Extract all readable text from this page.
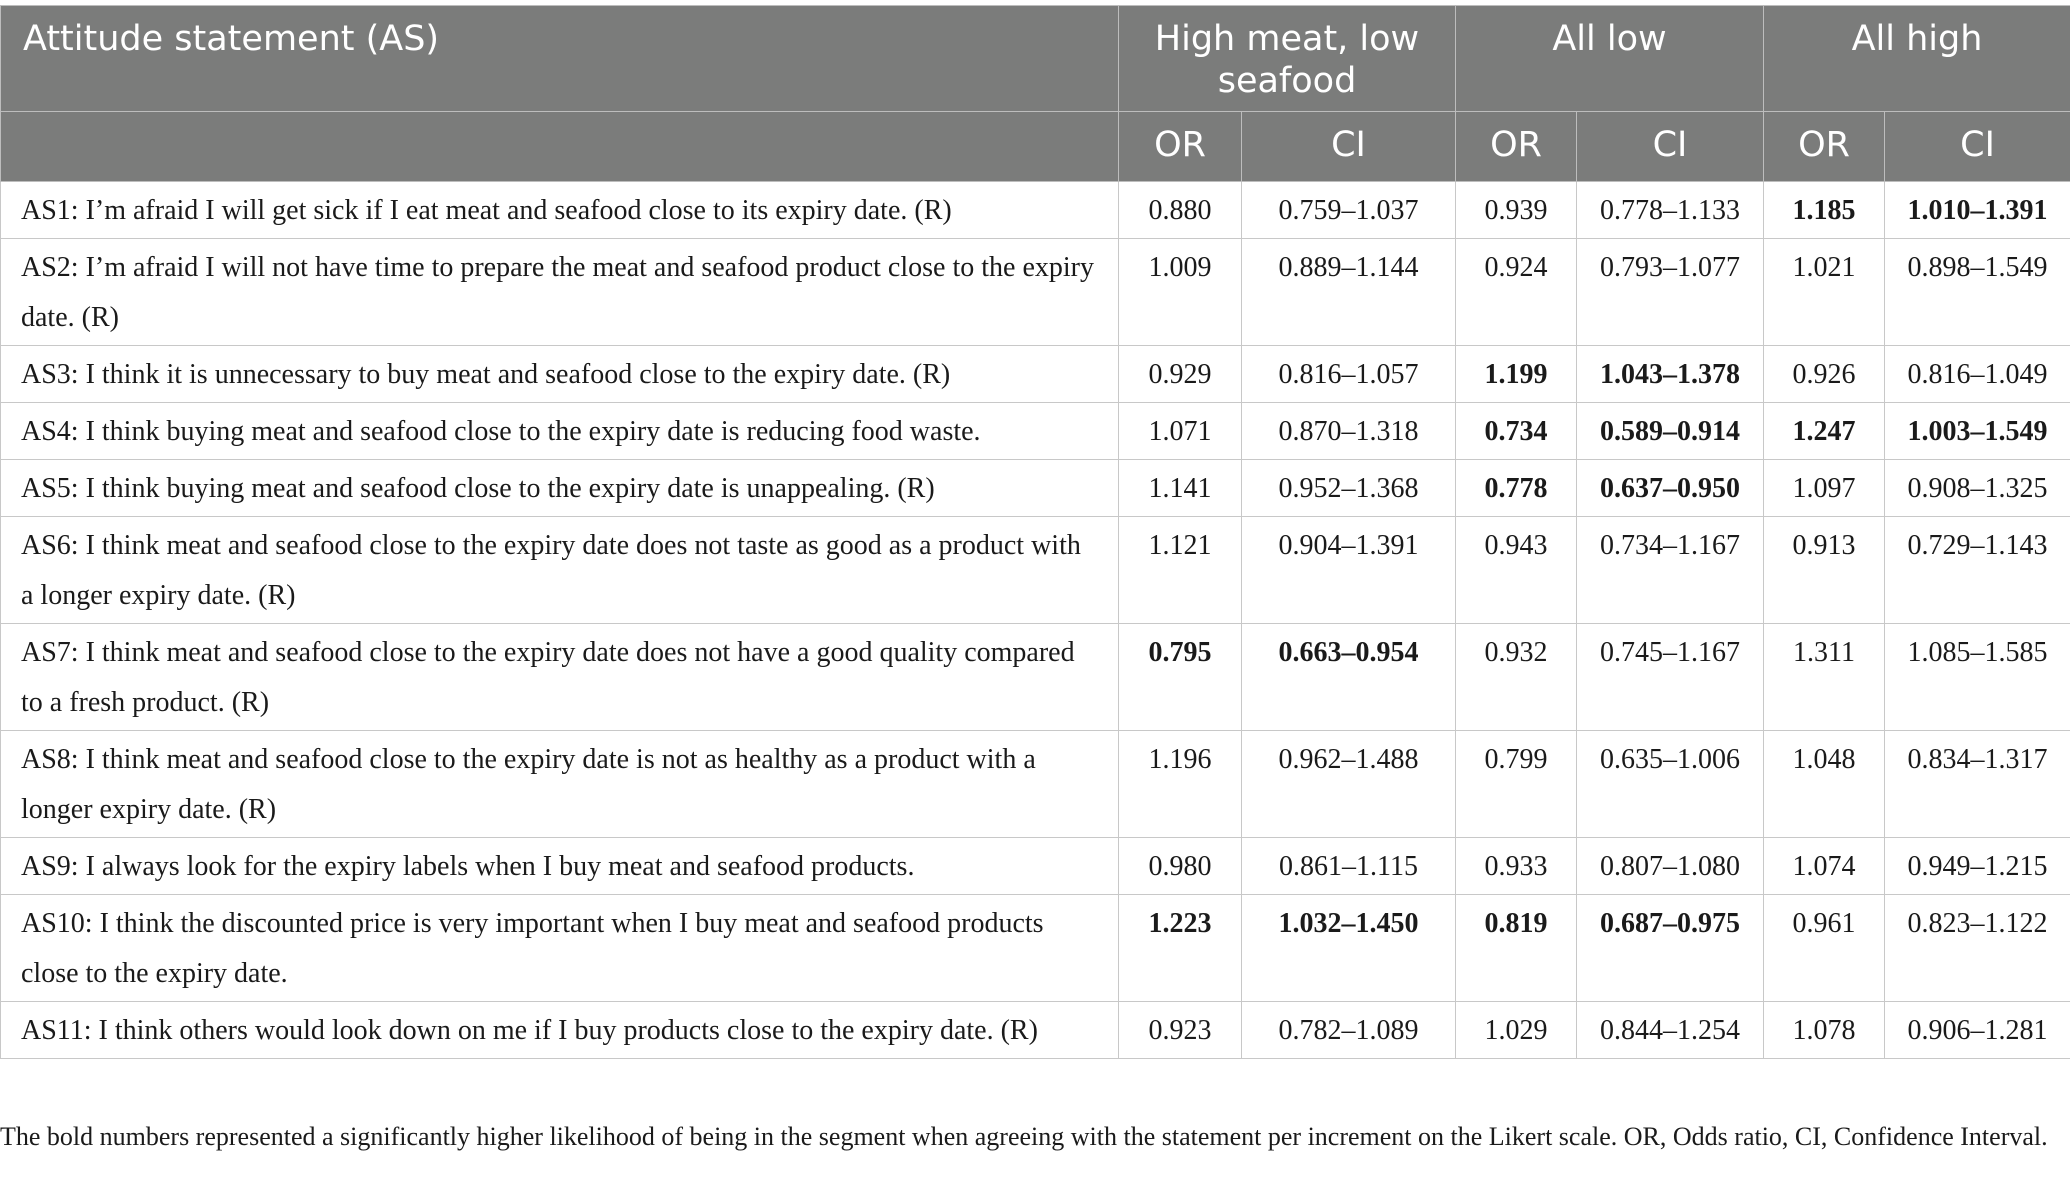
Attitude statement (AS)	High meat, low seafood		All low		All high	
	OR	CI	OR	CI	OR	CI
AS1: I’m afraid I will get sick if I eat meat and seafood close to its expiry date. (R)	0.880	0.759–1.037	0.939	0.778–1.133	1.185	1.010–1.391
AS2: I’m afraid I will not have time to prepare the meat and seafood product close to the expiry date. (R)	1.009	0.889–1.144	0.924	0.793–1.077	1.021	0.898–1.549
AS3: I think it is unnecessary to buy meat and seafood close to the expiry date. (R)	0.929	0.816–1.057	1.199	1.043–1.378	0.926	0.816–1.049
AS4: I think buying meat and seafood close to the expiry date is reducing food waste.	1.071	0.870–1.318	0.734	0.589–0.914	1.247	1.003–1.549
AS5: I think buying meat and seafood close to the expiry date is unappealing. (R)	1.141	0.952–1.368	0.778	0.637–0.950	1.097	0.908–1.325
AS6: I think meat and seafood close to the expiry date does not taste as good as a product with a longer expiry date. (R)	1.121	0.904–1.391	0.943	0.734–1.167	0.913	0.729–1.143
AS7: I think meat and seafood close to the expiry date does not have a good quality compared to a fresh product. (R)	0.795	0.663–0.954	0.932	0.745–1.167	1.311	1.085–1.585
AS8: I think meat and seafood close to the expiry date is not as healthy as a product with a longer expiry date. (R)	1.196	0.962–1.488	0.799	0.635–1.006	1.048	0.834–1.317
AS9: I always look for the expiry labels when I buy meat and seafood products.	0.980	0.861–1.115	0.933	0.807–1.080	1.074	0.949–1.215
AS10: I think the discounted price is very important when I buy meat and seafood products close to the expiry date.	1.223	1.032–1.450	0.819	0.687–0.975	0.961	0.823–1.122
AS11: I think others would look down on me if I buy products close to the expiry date. (R)	0.923	0.782–1.089	1.029	0.844–1.254	1.078	0.906–1.281
The bold numbers represented a significantly higher likelihood of being in the segment when agreeing with the statement per increment on the Likert scale. OR, Odds ratio, CI, Confidence Interval.
